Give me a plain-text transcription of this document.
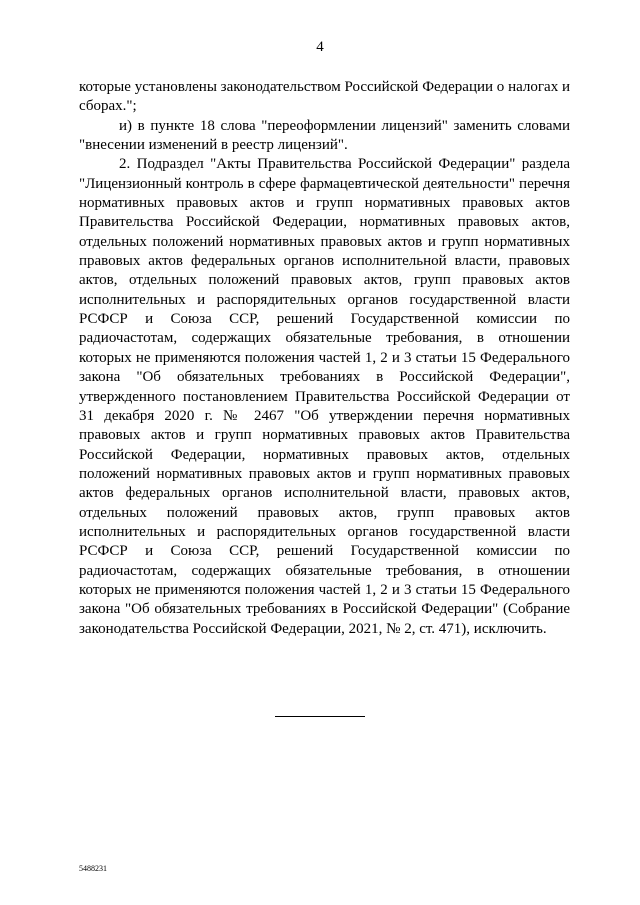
4

которые установлены законодательством Российской Федерации о налогах и сборах.";

и) в пункте 18 слова "переоформлении лицензий" заменить словами "внесении изменений в реестр лицензий".

2. Подраздел "Акты Правительства Российской Федерации" раздела "Лицензионный контроль в сфере фармацевтической деятельности" перечня нормативных правовых актов и групп нормативных правовых актов Правительства Российской Федерации, нормативных правовых актов, отдельных положений нормативных правовых актов и групп нормативных правовых актов федеральных органов исполнительной власти, правовых актов, отдельных положений правовых актов, групп правовых актов исполнительных и распорядительных органов государственной власти РСФСР и Союза ССР, решений Государственной комиссии по радиочастотам, содержащих обязательные требования, в отношении которых не применяются положения частей 1, 2 и 3 статьи 15 Федерального закона "Об обязательных требованиях в Российской Федерации", утвержденного постановлением Правительства Российской Федерации от 31 декабря 2020 г. № 2467 "Об утверждении перечня нормативных правовых актов и групп нормативных правовых актов Правительства Российской Федерации, нормативных правовых актов, отдельных положений нормативных правовых актов и групп нормативных правовых актов федеральных органов исполнительной власти, правовых актов, отдельных положений правовых актов, групп правовых актов исполнительных и распорядительных органов государственной власти РСФСР и Союза ССР, решений Государственной комиссии по радиочастотам, содержащих обязательные требования, в отношении которых не применяются положения частей 1, 2 и 3 статьи 15 Федерального закона "Об обязательных требованиях в Российской Федерации" (Собрание законодательства Российской Федерации, 2021, № 2, ст. 471), исключить.

5488231
